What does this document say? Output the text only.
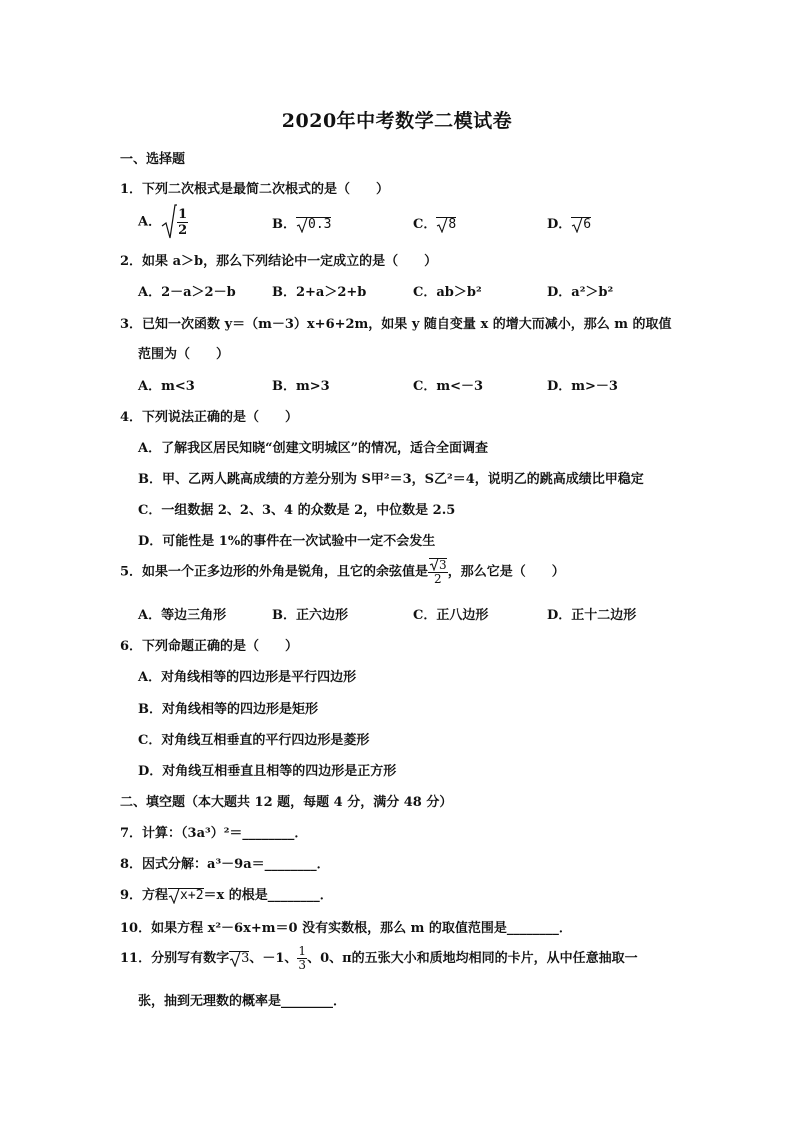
2020年中考数学二模试卷
一、选择题
1．下列二次根式是最简二次根式的是（　　）
A． $\frac{1}{2}$	B． 0.3	C． 8	D． 6
2．如果 a＞b，那么下列结论中一定成立的是（　　）
A．2－a＞2－b	B．2+a＞2+b	C．ab＞b²	D．a²＞b²
3．已知一次函数 y＝（m－3）x+6+2m，如果 y 随自变量 x 的增大而减小，那么 m 的取值
范围为（　　）
A．m<3	B．m>3	C．m<－3	D．m>－3
4．下列说法正确的是（　　）
A．了解我区居民知晓“创建文明城区”的情况，适合全面调查
B．甲、乙两人跳高成绩的方差分别为 S甲²＝3，S乙²＝4，说明乙的跳高成绩比甲稳定
C．一组数据 2、2、3、4 的众数是 2，中位数是 2.5
D．可能性是 1%的事件在一次试验中一定不会发生
5．如果一个正多边形的外角是锐角，且它的余弦值是 $\frac{3}{2}$ ，那么它是（　　）
A．等边三角形	B．正六边形	C．正八边形	D．正十二边形
6．下列命题正确的是（　　）
A．对角线相等的四边形是平行四边形
B．对角线相等的四边形是矩形
C．对角线互相垂直的平行四边形是菱形
D．对角线互相垂直且相等的四边形是正方形
二、填空题（本大题共 12 题，每题 4 分，满分 48 分）
7．计算：（3a³）²＝________．
8．因式分解：a³－9a＝________．
9．方程 x+2＝x 的根是________．
10．如果方程 x²－6x+m＝0 没有实数根，那么 m 的取值范围是________．
11．分别写有数字 3、－1、 $\frac{1}{3}$ 、0、π的五张大小和质地均相同的卡片，从中任意抽取一
张，抽到无理数的概率是________．
